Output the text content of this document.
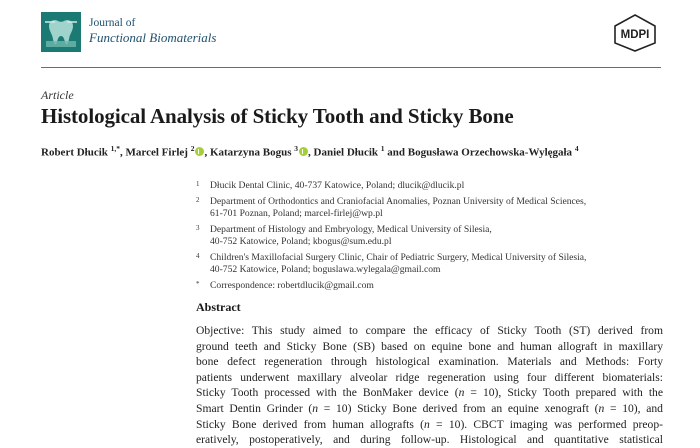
Journal of
Functional Biomaterials	MDPI
Article
Histological Analysis of Sticky Tooth and Sticky Bone
Robert Dłucik $^{1,*}$, Marcel Firlej $^2$ , Katarzyna Bogus $^3$ , Daniel Dłucik $^1$ and Bogusława Orzechowska-Wylęgała $^4$
1 Dłucik Dental Clinic, 40-737 Katowice, Poland; dlucik@dlucik.pl
2 Department of Orthodontics and Craniofacial Anomalies, Poznan University of Medical Sciences,
61-701 Poznan, Poland; marcel-firlej@wp.pl
3 Department of Histology and Embryology, Medical University of Silesia,
40-752 Katowice, Poland; kbogus@sum.edu.pl
4 Children's Maxillofacial Surgery Clinic, Chair of Pediatric Surgery, Medical University of Silesia,
40-752 Katowice, Poland; boguslawa.wylegala@gmail.com
* Correspondence: robertdlucik@gmail.com
Abstract
Objective: This study aimed to compare the efficacy of Sticky Tooth (ST) derived from
ground teeth and Sticky Bone (SB) based on equine bone and human allograft in maxillary
bone defect regeneration through histological examination. Materials and Methods: Forty
patients underwent maxillary alveolar ridge regeneration using four different biomaterials:
Sticky Tooth processed with the BonMaker device (n = 10), Sticky Tooth prepared with the
Smart Dentin Grinder (n = 10) Sticky Bone derived from an equine xenograft (n = 10), and
Sticky Bone derived from human allografts (n = 10). CBCT imaging was performed preop-
eratively, postoperatively, and during follow-up. Histological and quantitative statistical
